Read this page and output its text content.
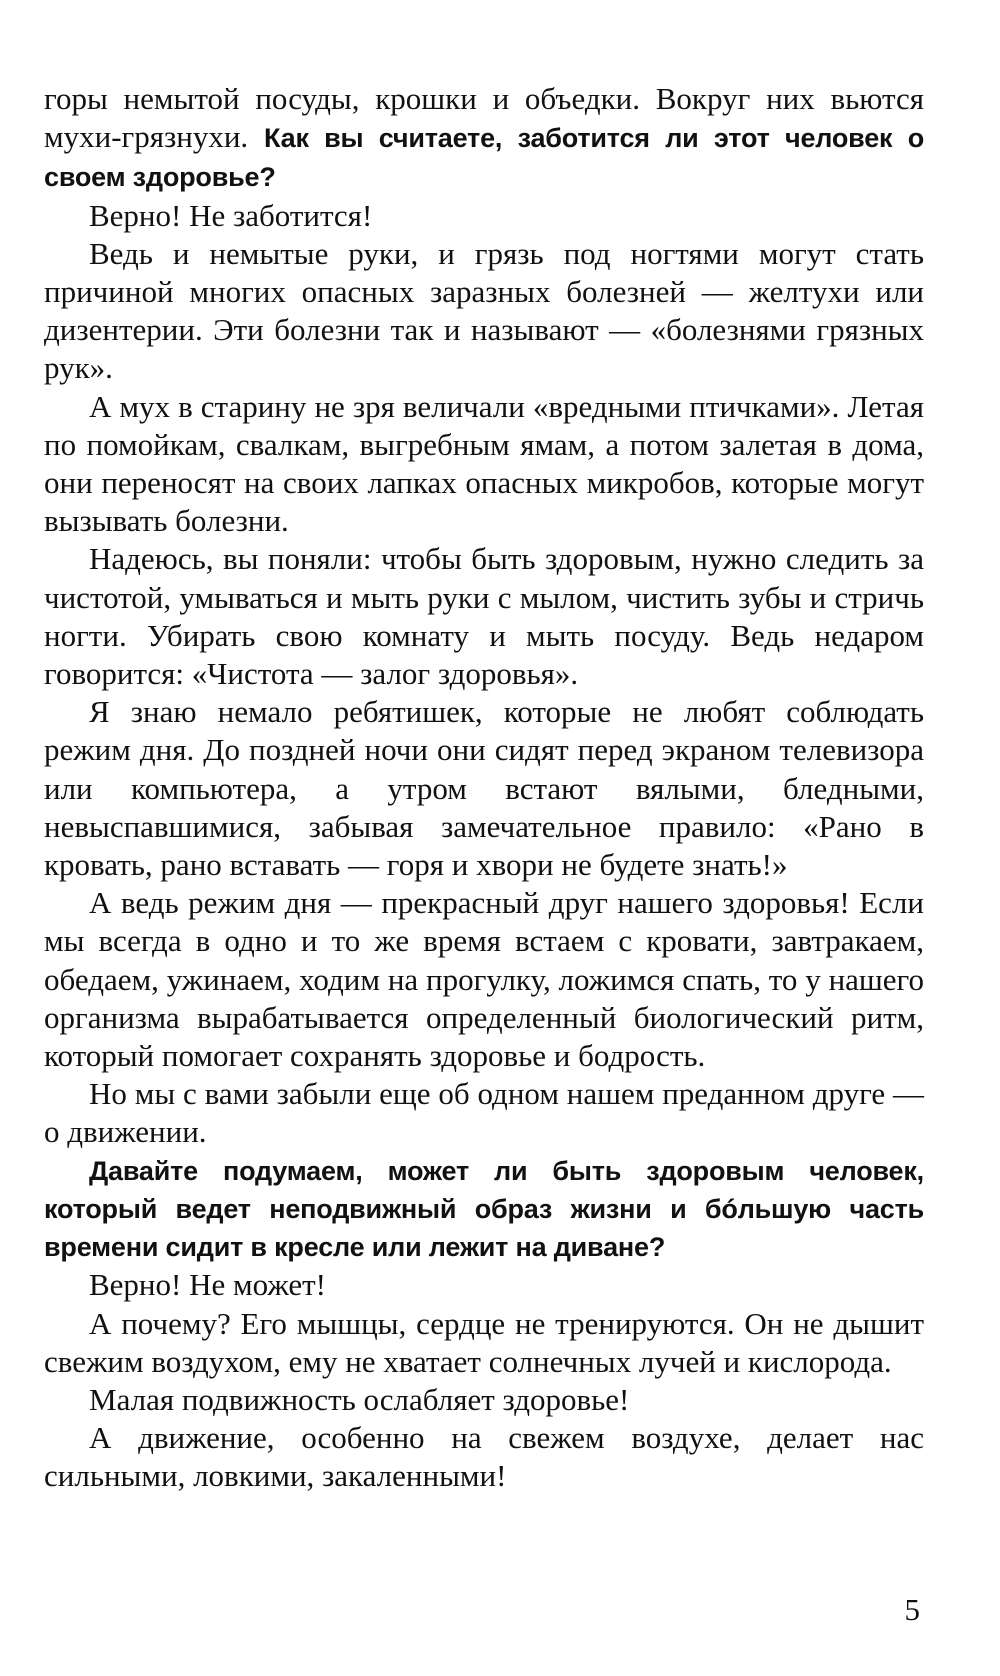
горы немытой посуды, крошки и объедки. Вокруг них вьются мухи-грязнухи. Как вы считаете, заботится ли этот человек о своем здоровье?

Верно! Не заботится!

Ведь и немытые руки, и грязь под ногтями могут стать причиной многих опасных заразных болезней — желтухи или дизентерии. Эти болезни так и называют — «болезнями грязных рук».

А мух в старину не зря величали «вредными птичками». Летая по помойкам, свалкам, выгребным ямам, а потом залетая в дома, они переносят на своих лапках опасных микробов, которые могут вызывать болезни.

Надеюсь, вы поняли: чтобы быть здоровым, нужно следить за чистотой, умываться и мыть руки с мылом, чистить зубы и стричь ногти. Убирать свою комнату и мыть посуду. Ведь недаром говорится: «Чистота — залог здоровья».

Я знаю немало ребятишек, которые не любят соблюдать режим дня. До поздней ночи они сидят перед экраном телевизора или компьютера, а утром встают вялыми, бледными, невыспавшимися, забывая замечательное правило: «Рано в кровать, рано вставать — горя и хвори не будете знать!»

А ведь режим дня — прекрасный друг нашего здоровья! Если мы всегда в одно и то же время встаем с кровати, завтракаем, обедаем, ужинаем, ходим на прогулку, ложимся спать, то у нашего организма вырабатывается определенный биологический ритм, который помогает сохранять здоровье и бодрость.

Но мы с вами забыли еще об одном нашем преданном друге — о движении.

Давайте подумаем, может ли быть здоровым человек, который ведет неподвижный образ жизни и бóльшую часть времени сидит в кресле или лежит на диване?

Верно! Не может!

А почему? Его мышцы, сердце не тренируются. Он не дышит свежим воздухом, ему не хватает солнечных лучей и кислорода.

Малая подвижность ослабляет здоровье!

А движение, особенно на свежем воздухе, делает нас сильными, ловкими, закаленными!

5
